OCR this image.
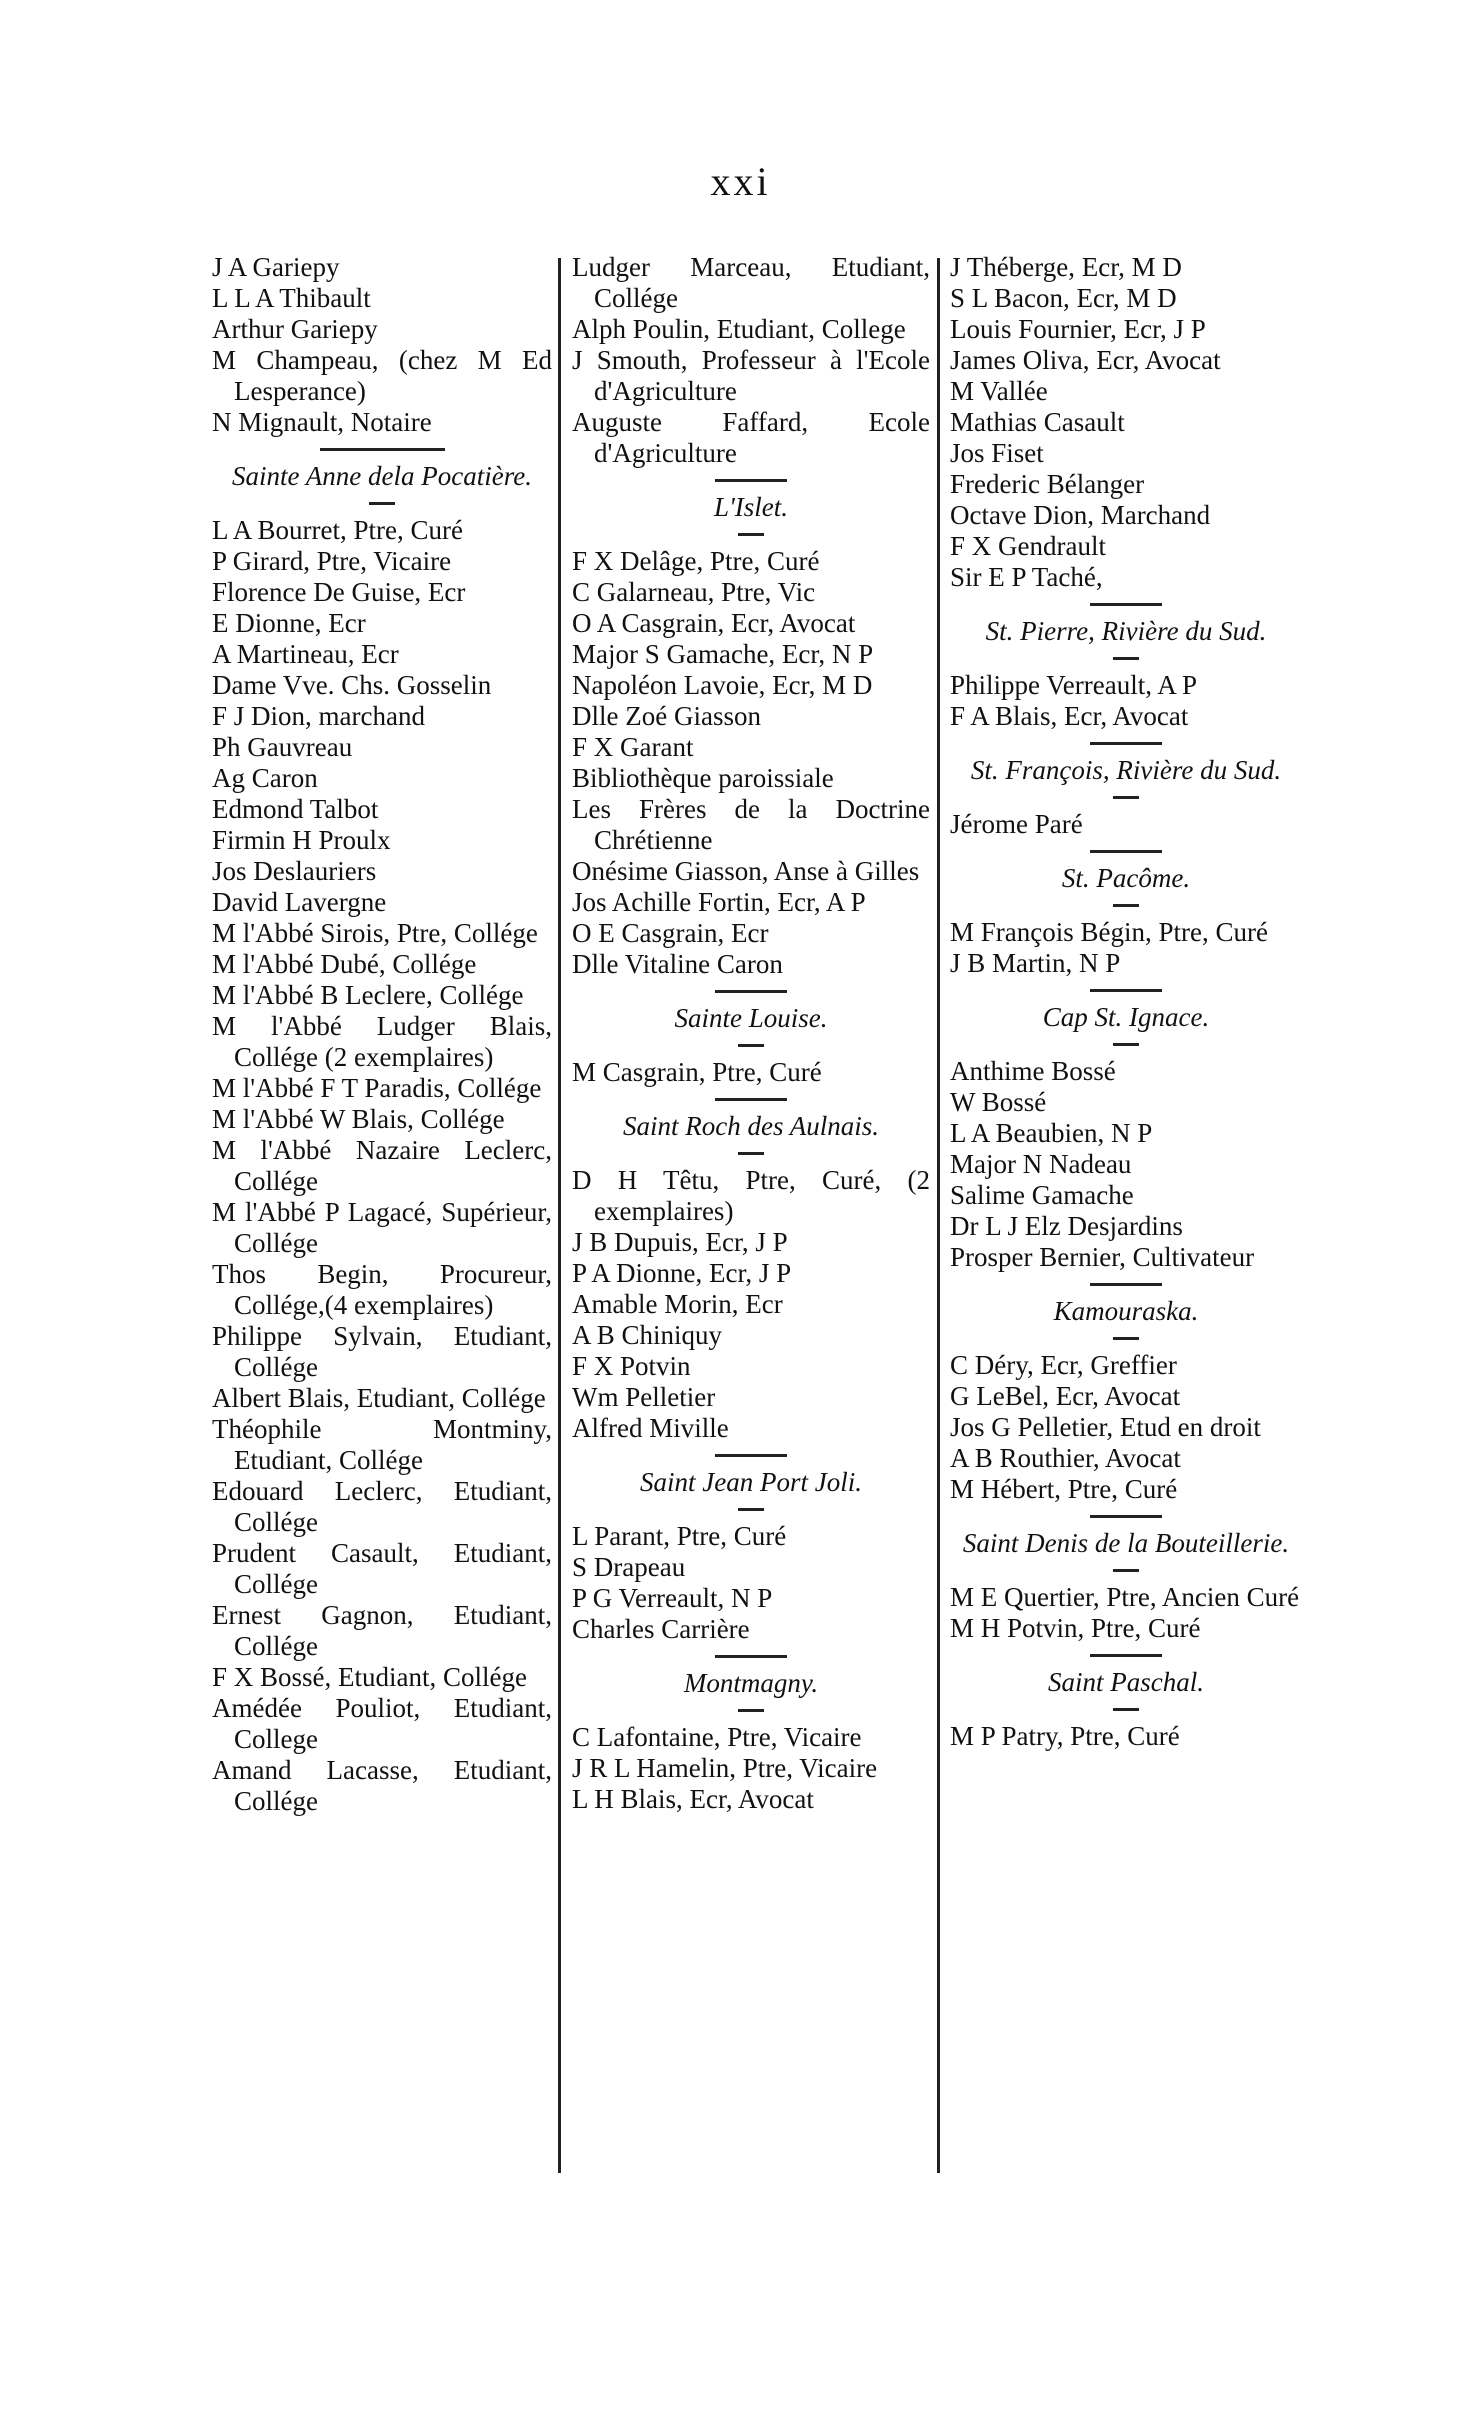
xxi
J A Gariepy
L L A Thibault
Arthur Gariepy
M Champeau, (chez M Ed Lesperance)
N Mignault, Notaire
Sainte Anne dela Pocatière.
L A Bourret, Ptre, Curé
P Girard, Ptre, Vicaire
Florence De Guise, Ecr
E Dionne, Ecr
A Martineau, Ecr
Dame Vve. Chs. Gosselin
F J Dion, marchand
Ph Gauvreau
Ag Caron
Edmond Talbot
Firmin H Proulx
Jos Deslauriers
David Lavergne
M l'Abbé Sirois, Ptre, Collége
M l'Abbé Dubé, Collége
M l'Abbé B Leclere, Collége
M l'Abbé Ludger Blais, Collége (2 exemplaires)
M l'Abbé F T Paradis, Collége
M l'Abbé W Blais, Collége
M l'Abbé Nazaire Leclerc, Collége
M l'Abbé P Lagacé, Supérieur, Collége
Thos Begin, Procureur, Collége,(4 exemplaires)
Philippe Sylvain, Etudiant, Collége
Albert Blais, Etudiant, Collége
Théophile Montminy, Etudiant, Collége
Edouard Leclerc, Etudiant, Collége
Prudent Casault, Etudiant, Collége
Ernest Gagnon, Etudiant, Collége
F X Bossé, Etudiant, Collége
Amédée Pouliot, Etudiant, College
Amand Lacasse, Etudiant, Collége
Ludger Marceau, Etudiant, Collége
Alph Poulin, Etudiant, College
J Smouth, Professeur à l'Ecole d'Agriculture
Auguste Faffard, Ecole d'Agriculture
L'Islet.
F X Delâge, Ptre, Curé
C Galarneau, Ptre, Vic
O A Casgrain, Ecr, Avocat
Major S Gamache, Ecr, N P
Napoléon Lavoie, Ecr, M D
Dlle Zoé Giasson
F X Garant
Bibliothèque paroissiale
Les Frères de la Doctrine Chrétienne
Onésime Giasson, Anse à Gilles
Jos Achille Fortin, Ecr, A P
O E Casgrain, Ecr
Dlle Vitaline Caron
Sainte Louise.
M Casgrain, Ptre, Curé
Saint Roch des Aulnais.
D H Têtu, Ptre, Curé, (2 exemplaires)
J B Dupuis, Ecr, J P
P A Dionne, Ecr, J P
Amable Morin, Ecr
A B Chiniquy
F X Potvin
Wm Pelletier
Alfred Miville
Saint Jean Port Joli.
L Parant, Ptre, Curé
S Drapeau
P G Verreault, N P
Charles Carrière
Montmagny.
C Lafontaine, Ptre, Vicaire
J R L Hamelin, Ptre, Vicaire
L H Blais, Ecr, Avocat
J Théberge, Ecr, M D
S L Bacon, Ecr, M D
Louis Fournier, Ecr, J P
James Oliva, Ecr, Avocat
M Vallée
Mathias Casault
Jos Fiset
Frederic Bélanger
Octave Dion, Marchand
F X Gendrault
Sir E P Taché,
St. Pierre, Rivière du Sud.
Philippe Verreault, A P
F A Blais, Ecr, Avocat
St. François, Rivière du Sud.
Jérome Paré
St. Pacôme.
M François Bégin, Ptre, Curé
J B Martin, N P
Cap St. Ignace.
Anthime Bossé
W Bossé
L A Beaubien, N P
Major N Nadeau
Salime Gamache
Dr L J Elz Desjardins
Prosper Bernier, Cultivateur
Kamouraska.
C Déry, Ecr, Greffier
G LeBel, Ecr, Avocat
Jos G Pelletier, Etud en droit
A B Routhier, Avocat
M Hébert, Ptre, Curé
Saint Denis de la Bouteillerie.
M E Quertier, Ptre, Ancien Curé
M H Potvin, Ptre, Curé
Saint Paschal.
M P Patry, Ptre, Curé
